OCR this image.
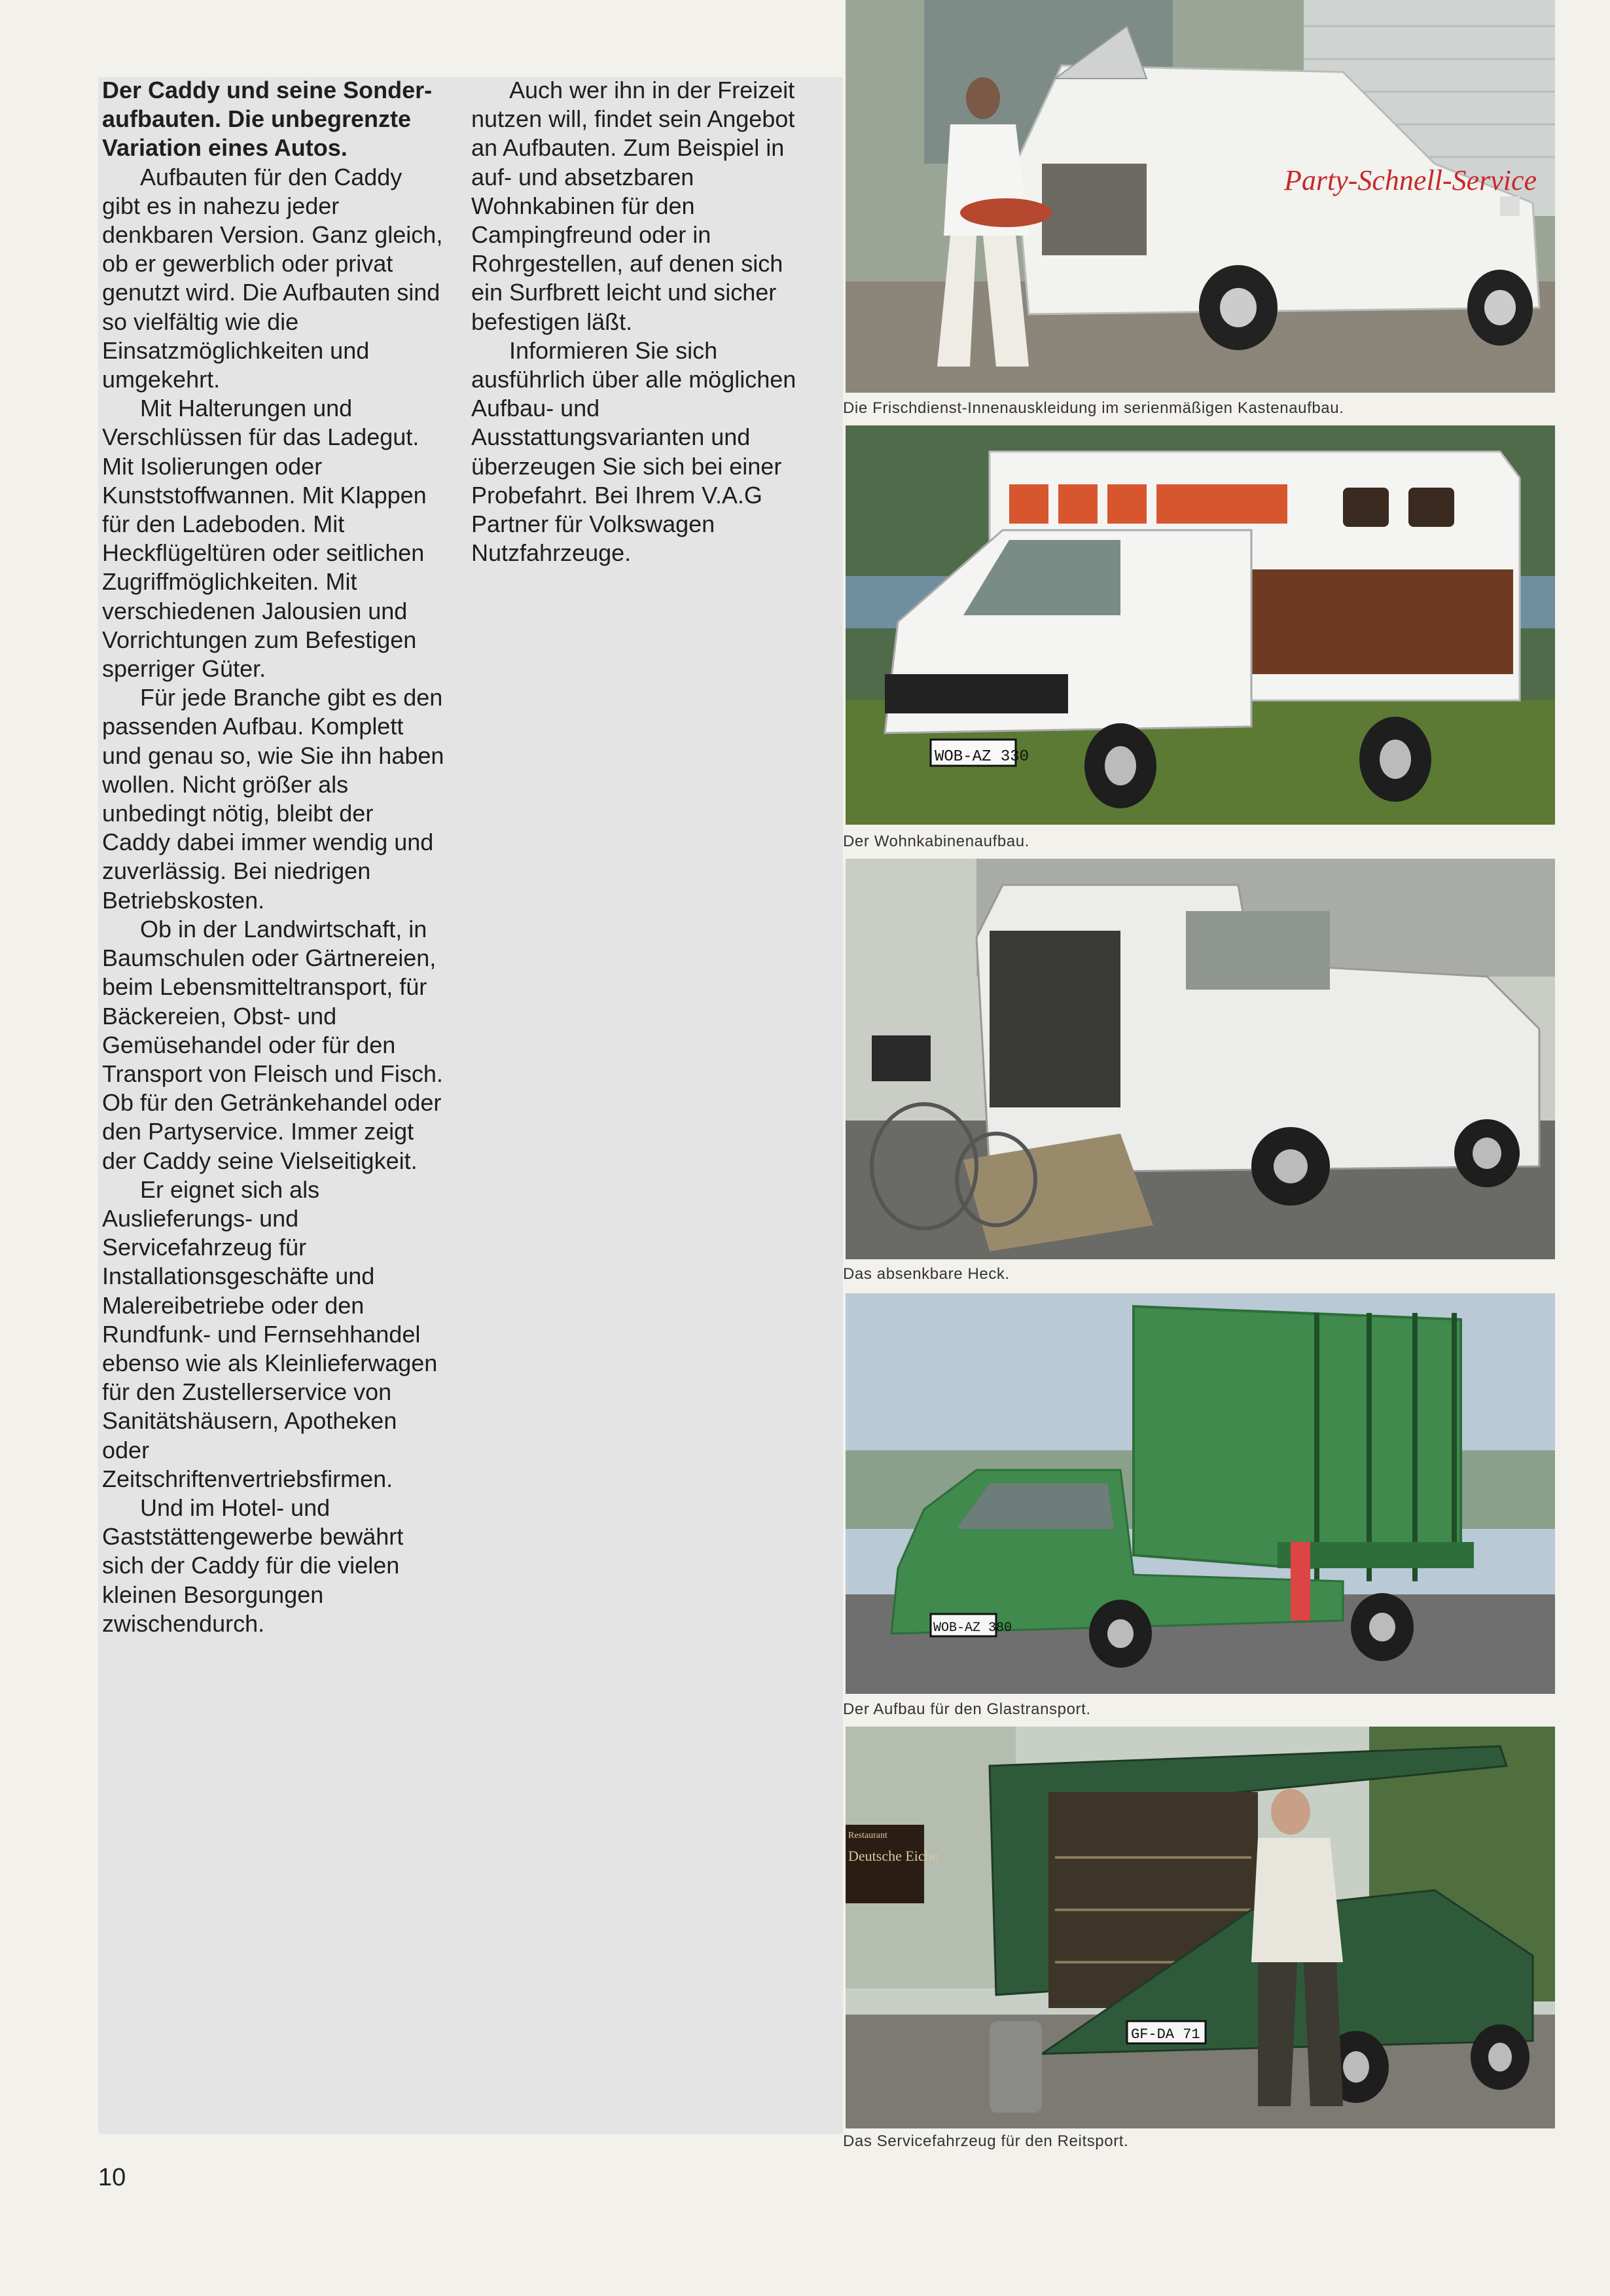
Der Caddy und seine Sonderaufbauten. Die unbegrenzte Variation eines Autos.

Aufbauten für den Caddy gibt es in nahezu jeder denkbaren Version. Ganz gleich, ob er gewerblich oder privat genutzt wird. Die Aufbauten sind so vielfältig wie die Einsatzmöglichkeiten und umgekehrt.

Mit Halterungen und Verschlüssen für das Ladegut. Mit Isolierungen oder Kunststoffwannen. Mit Klappen für den Ladeboden. Mit Heckflügeltüren oder seitlichen Zugriffmöglichkeiten. Mit verschiedenen Jalousien und Vorrichtungen zum Befestigen sperriger Güter.

Für jede Branche gibt es den passenden Aufbau. Komplett und genau so, wie Sie ihn haben wollen. Nicht größer als unbedingt nötig, bleibt der Caddy dabei immer wendig und zuverlässig. Bei niedrigen Betriebskosten.

Ob in der Landwirtschaft, in Baumschulen oder Gärtnereien, beim Lebensmitteltransport, für Bäckereien, Obst- und Gemüsehandel oder für den Transport von Fleisch und Fisch. Ob für den Getränkehandel oder den Partyservice. Immer zeigt der Caddy seine Vielseitigkeit.

Er eignet sich als Auslieferungs- und Servicefahrzeug für Installationsgeschäfte und Malereibetriebe oder den Rundfunk- und Fernsehhandel ebenso wie als Kleinlieferwagen für den Zustellerservice von Sanitätshäusern, Apotheken oder Zeitschriftenvertriebsfirmen.

Und im Hotel- und Gaststättengewerbe bewährt sich der Caddy für die vielen kleinen Besorgungen zwischendurch.

Auch wer ihn in der Freizeit nutzen will, findet sein Angebot an Aufbauten. Zum Beispiel in auf- und absetzbaren Wohnkabinen für den Campingfreund oder in Rohrgestellen, auf denen sich ein Surfbrett leicht und sicher befestigen läßt.

Informieren Sie sich ausführlich über alle möglichen Aufbau- und Ausstattungsvarianten und überzeugen Sie sich bei einer Probefahrt. Bei Ihrem V.A.G Partner für Volkswagen Nutzfahrzeuge.

Party-Schnell-Service
Die Frischdienst-Innenauskleidung im serienmäßigen Kastenaufbau.
WOB-AZ 330
Der Wohnkabinenaufbau.
Das absenkbare Heck.
WOB-AZ 380
Der Aufbau für den Glastransport.
Restaurant
Deutsche Eiche
GF-DA 71
Das Servicefahrzeug für den Reitsport.
10
